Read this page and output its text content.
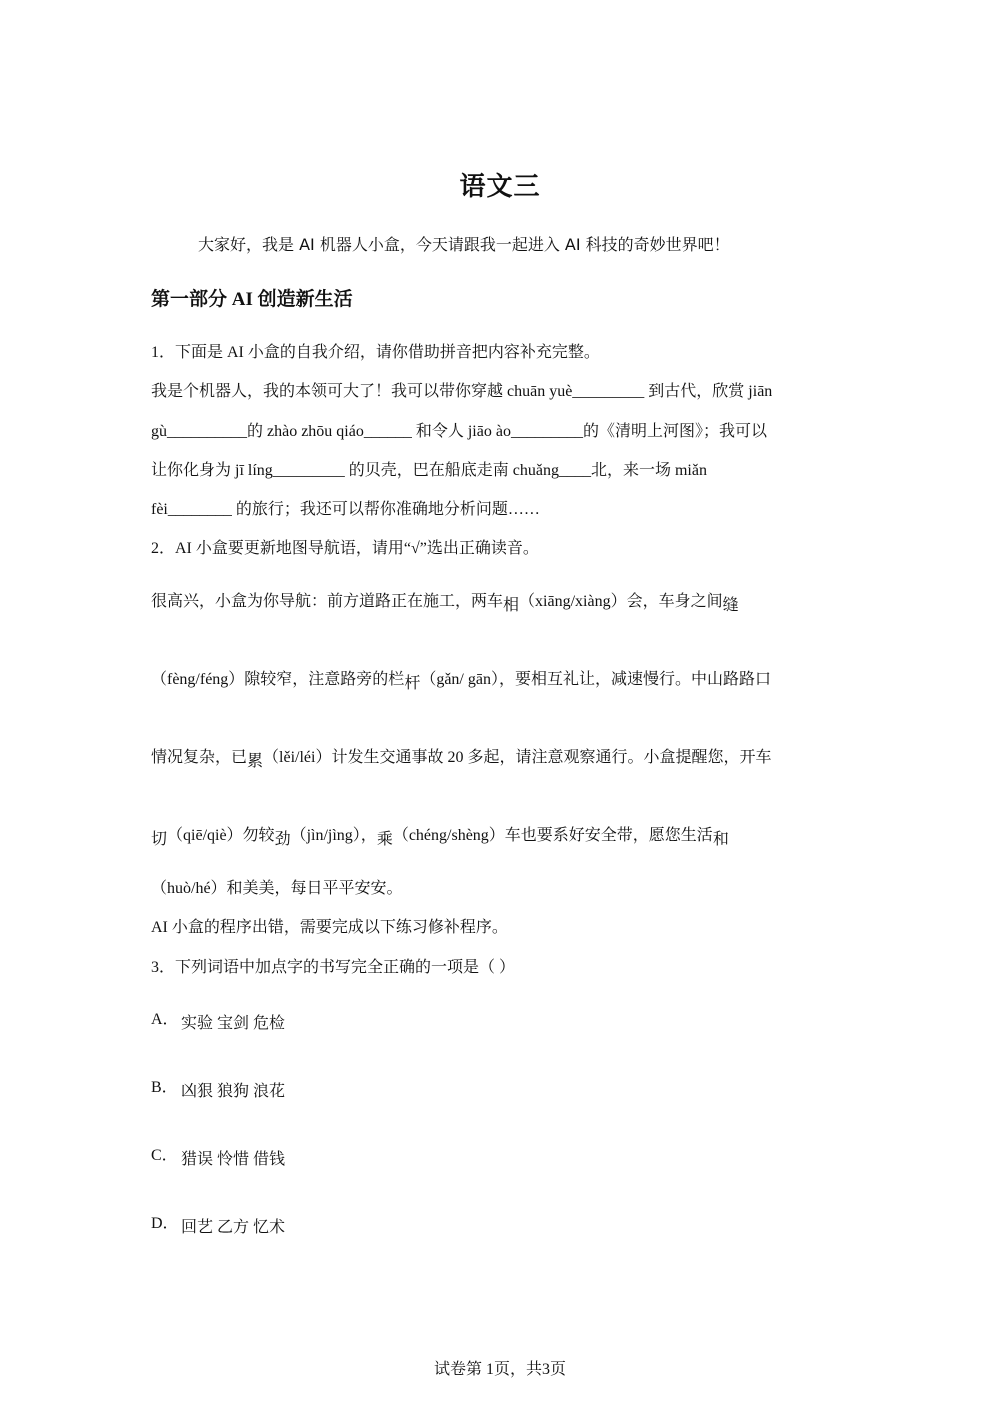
语文三

大家好，我是 AI 机器人小盒，今天请跟我一起进入 AI 科技的奇妙世界吧！

第一部分 AI 创造新生活

1．下面是 AI 小盒的自我介绍，请你借助拼音把内容补充完整。

我是个机器人，我的本领可大了！我可以带你穿越 chuān yuè_________ 到古代，欣赏 jiān

gù__________的 zhào zhōu qiáo______ 和令人 jiāo ào_________的《清明上河图》；我可以

让你化身为 jī líng_________ 的贝壳，巴在船底走南 chuǎng____北，来一场 miǎn

fèi________ 的旅行；我还可以帮你准确地分析问题……

2．AI 小盒要更新地图导航语，请用“√”选出正确读音。

很高兴，小盒为你导航：前方道路正在施工，两车相（xiāng/xiàng）会，车身之间缝

（fèng/féng）隙较窄，注意路旁的栏杆（gǎn/ gān），要相互礼让，减速慢行。中山路路口

情况复杂，已累（lěi/léi）计发生交通事故 20 多起，请注意观察通行。小盒提醒您，开车

切（qiē/qiè）勿较劲（jìn/jìng），乘（chéng/shèng）车也要系好安全带，愿您生活和

（huò/hé）和美美，每日平平安安。

AI 小盒的程序出错，需要完成以下练习修补程序。

3．下列词语中加点字的书写完全正确的一项是（ ）

A． 实验 宝剑 危检

B． 凶狠 狼狗 浪花

C． 猎误 怜惜 借钱

D． 回艺 乙方 忆术

试卷第 1页，共3页
